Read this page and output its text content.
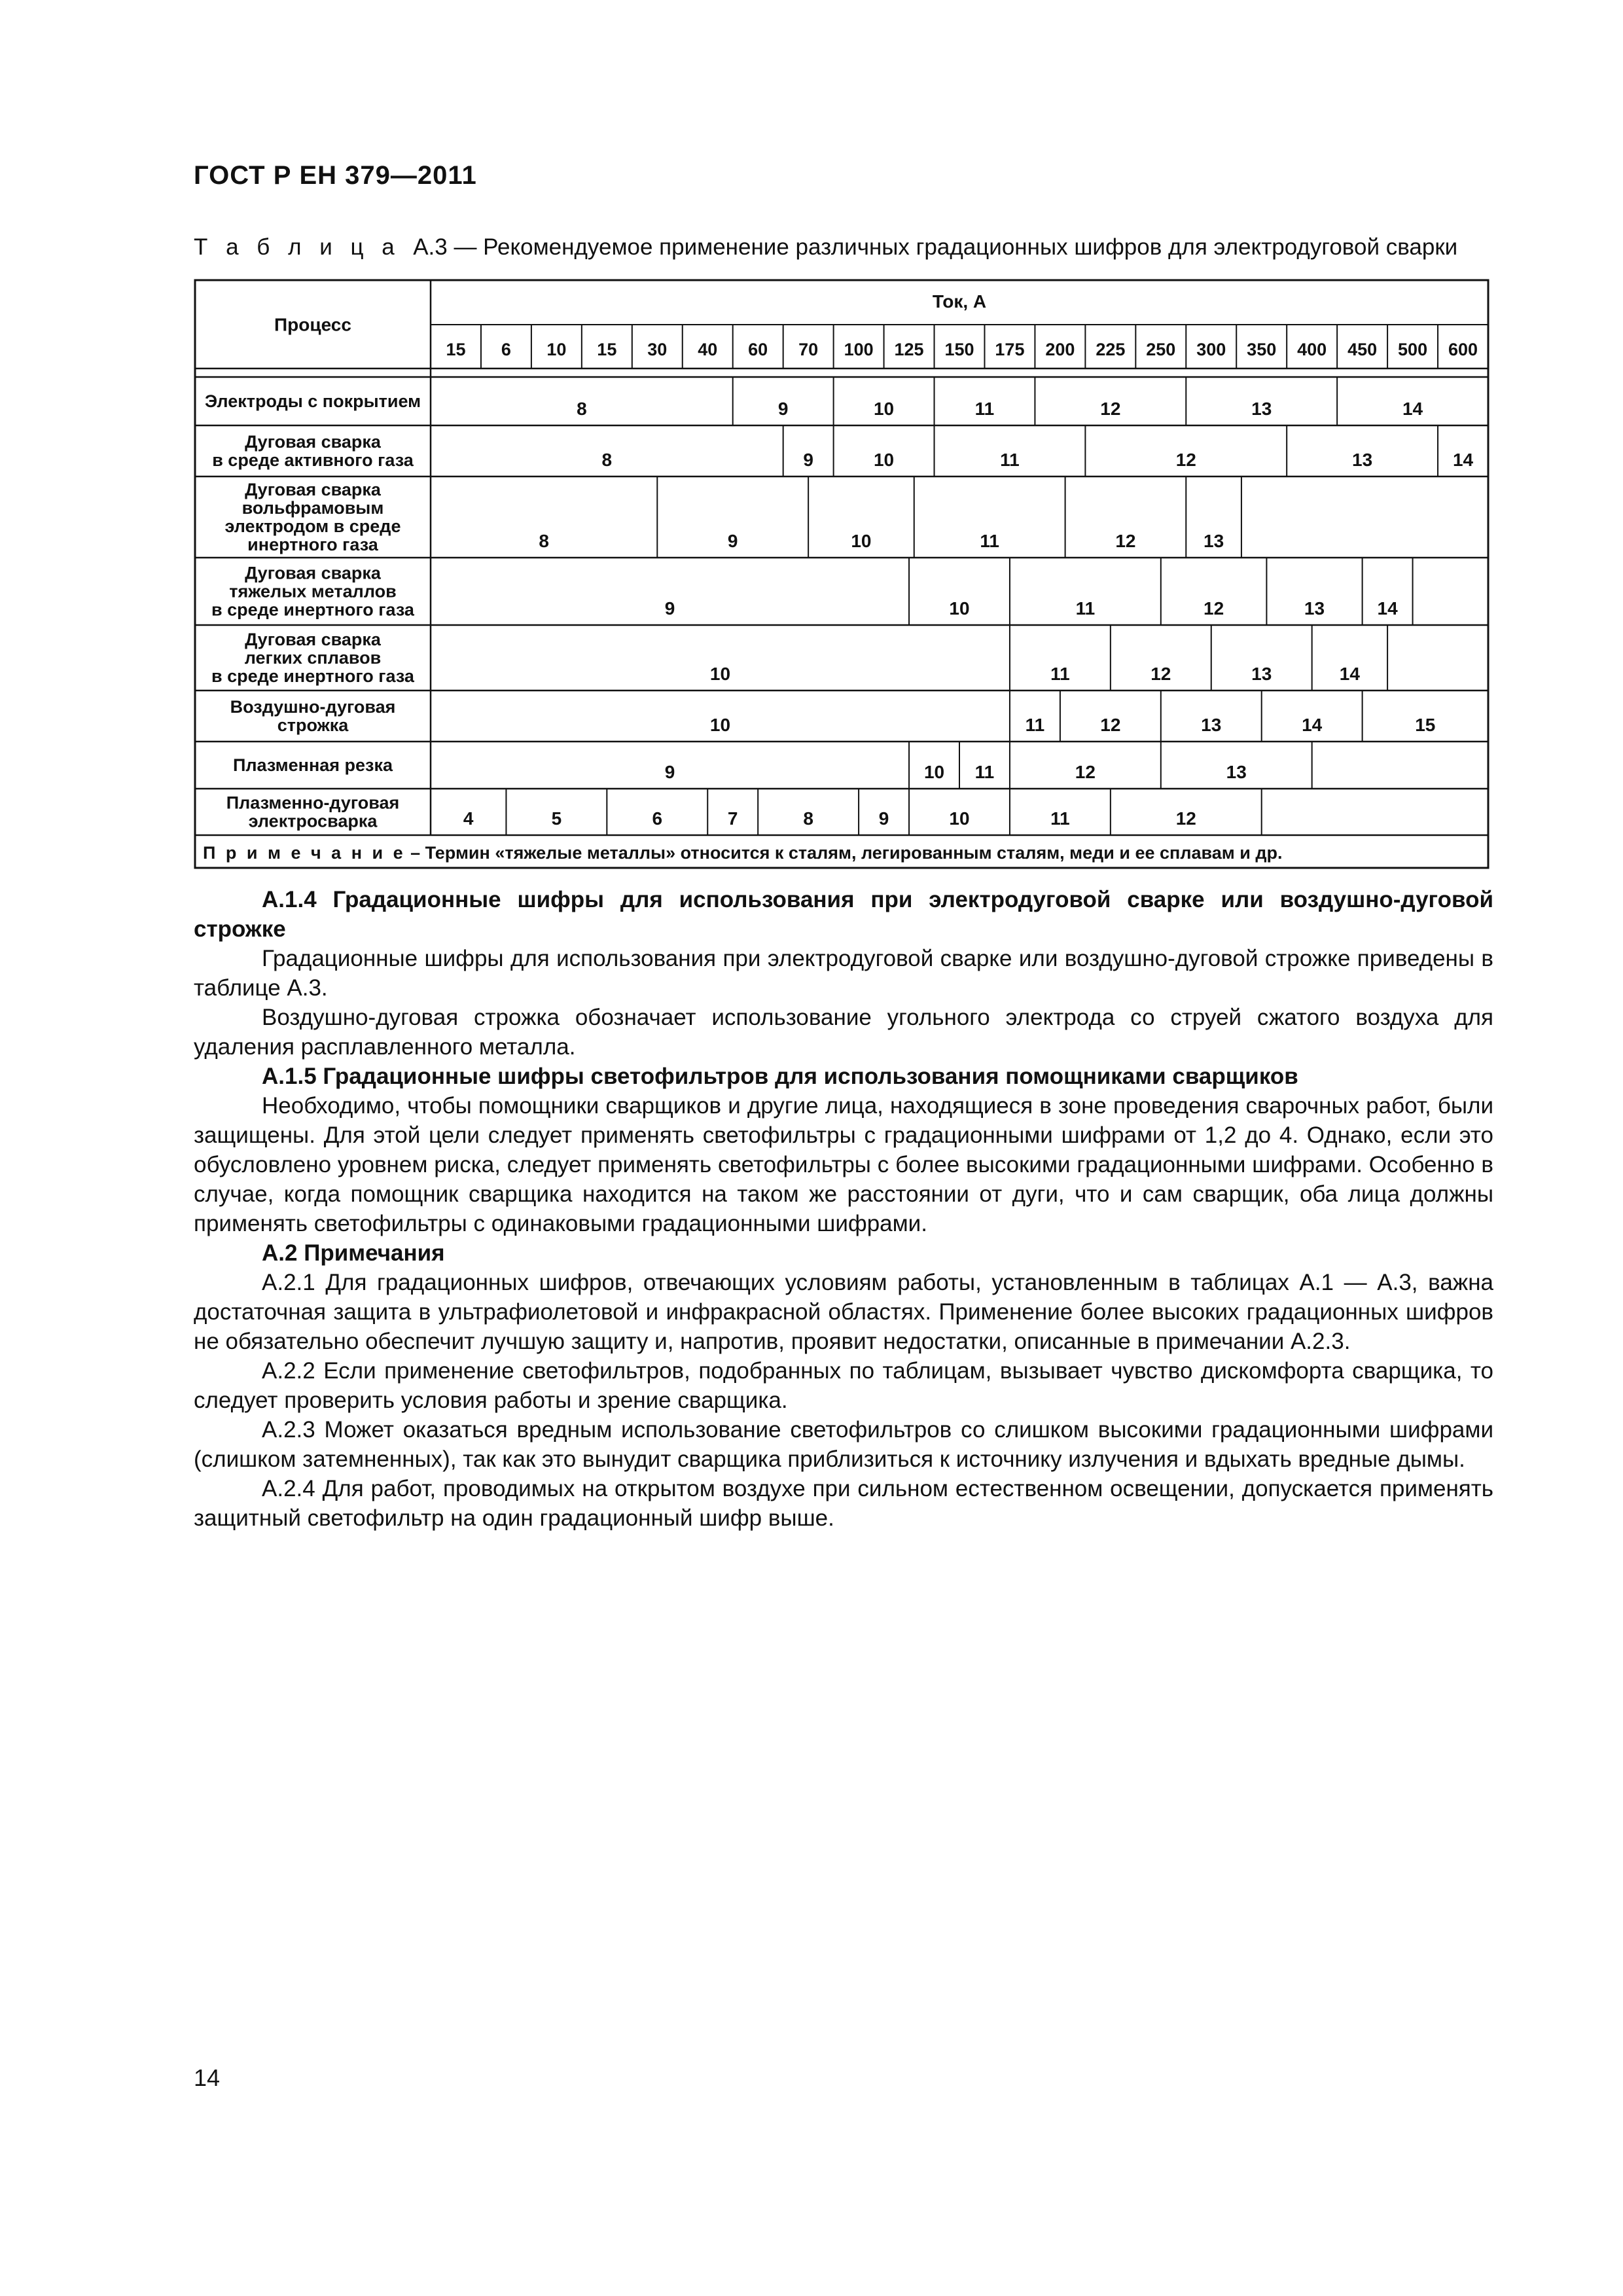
ГОСТ Р ЕН 379—2011
Т а б л и ц а A.3 — Рекомендуемое применение различных градационных шифров для электродуговой сварки
Процесс
Ток, А
15 6 10 15 30 40 60 70 100 125 150 175 200 225 250 300 350 400 450 500 600
Электроды с покрытием	8	9	10	11	12	13	14
Дуговая сварка
в среде активного газа	8	9	10	11	12	13	14
Дуговая сварка
вольфрамовым
электродом в среде
инертного газа	8	9	10	11	12	13
Дуговая сварка
тяжелых металлов
в среде инертного газа	9	10	11	12	13	14
Дуговая сварка
легких сплавов
в среде инертного газа	10	11	12	13	14
Воздушно-дуговая
строжка	10	11	12	13	14	15
Плазменная резка	9	10 11	12	13
Плазменно-дуговая
электросварка	4	5	6	7	8	9	10	11	12
П р и м е ч а н и е – Термин «тяжелые металлы» относится к сталям, легированным сталям, меди и ее сплавам и др.

А.1.4 Градационные шифры для использования при электродуговой сварке или воздушно-дуговой строжке

Градационные шифры для использования при электродуговой сварке или воздушно-дуговой строжке приведены в таблице А.3.

Воздушно-дуговая строжка обозначает использование угольного электрода со струей сжатого воздуха для удаления расплавленного металла.

А.1.5 Градационные шифры светофильтров для использования помощниками сварщиков

Необходимо, чтобы помощники сварщиков и другие лица, находящиеся в зоне проведения сварочных работ, были защищены. Для этой цели следует применять светофильтры с градационными шифрами от 1,2 до 4. Однако, если это обусловлено уровнем риска, следует применять светофильтры с более высокими градационными шифрами. Особенно в случае, когда помощник сварщика находится на таком же расстоянии от дуги, что и сам сварщик, оба лица должны применять светофильтры с одинаковыми градационными шифрами.

А.2 Примечания

А.2.1 Для градационных шифров, отвечающих условиям работы, установленным в таблицах А.1 — А.3, важна достаточная защита в ультрафиолетовой и инфракрасной областях. Применение более высоких градационных шифров не обязательно обеспечит лучшую защиту и, напротив, проявит недостатки, описанные в примечании А.2.3.

А.2.2 Если применение светофильтров, подобранных по таблицам, вызывает чувство дискомфорта сварщика, то следует проверить условия работы и зрение сварщика.

А.2.3 Может оказаться вредным использование светофильтров со слишком высокими градационными шифрами (слишком затемненных), так как это вынудит сварщика приблизиться к источнику излучения и вдыхать вредные дымы.

А.2.4 Для работ, проводимых на открытом воздухе при сильном естественном освещении, допускается применять защитный светофильтр на один градационный шифр выше.

14
